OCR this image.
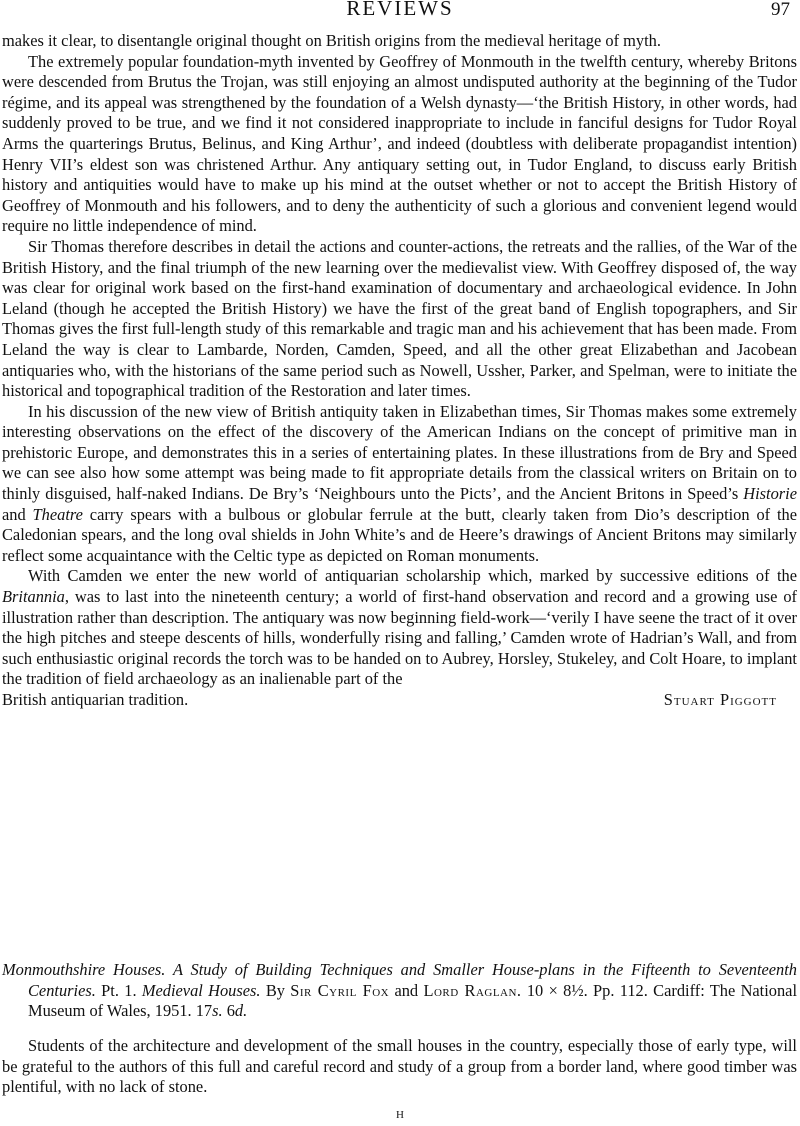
REVIEWS	97

makes it clear, to disentangle original thought on British origins from the medieval heritage of myth.

The extremely popular foundation-myth invented by Geoffrey of Monmouth in the twelfth century, whereby Britons were descended from Brutus the Trojan, was still enjoying an almost undisputed authority at the beginning of the Tudor régime, and its appeal was strengthened by the foundation of a Welsh dynasty—‘the British History, in other words, had suddenly proved to be true, and we find it not considered inappropriate to include in fanciful designs for Tudor Royal Arms the quarterings Brutus, Belinus, and King Arthur’, and indeed (doubtless with deliberate propagandist intention) Henry VII’s eldest son was christened Arthur. Any antiquary setting out, in Tudor England, to discuss early British history and antiquities would have to make up his mind at the outset whether or not to accept the British History of Geoffrey of Monmouth and his followers, and to deny the authenticity of such a glorious and convenient legend would require no little independence of mind.

Sir Thomas therefore describes in detail the actions and counter-actions, the retreats and the rallies, of the War of the British History, and the final triumph of the new learning over the medievalist view. With Geoffrey disposed of, the way was clear for original work based on the first-hand examination of documentary and archaeological evidence. In John Leland (though he accepted the British History) we have the first of the great band of English topographers, and Sir Thomas gives the first full-length study of this remarkable and tragic man and his achievement that has been made. From Leland the way is clear to Lambarde, Norden, Camden, Speed, and all the other great Elizabethan and Jacobean antiquaries who, with the historians of the same period such as Nowell, Ussher, Parker, and Spelman, were to initiate the historical and topographical tradition of the Restoration and later times.

In his discussion of the new view of British antiquity taken in Elizabethan times, Sir Thomas makes some extremely interesting observations on the effect of the discovery of the American Indians on the concept of primitive man in prehistoric Europe, and demonstrates this in a series of entertaining plates. In these illustrations from de Bry and Speed we can see also how some attempt was being made to fit appropriate details from the classical writers on Britain on to thinly disguised, half-naked Indians. De Bry’s ‘Neighbours unto the Picts’, and the Ancient Britons in Speed’s Historie and Theatre carry spears with a bulbous or globular ferrule at the butt, clearly taken from Dio’s description of the Caledonian spears, and the long oval shields in John White’s and de Heere’s drawings of Ancient Britons may similarly reflect some acquaintance with the Celtic type as depicted on Roman monuments.

With Camden we enter the new world of antiquarian scholarship which, marked by successive editions of the Britannia, was to last into the nineteenth century; a world of first-hand observation and record and a growing use of illustration rather than description. The antiquary was now beginning field-work—‘verily I have seene the tract of it over the high pitches and steepe descents of hills, wonderfully rising and falling,’ Camden wrote of Hadrian’s Wall, and from such enthusiastic original records the torch was to be handed on to Aubrey, Horsley, Stukeley, and Colt Hoare, to implant the tradition of field archaeology as an inalienable part of the

British antiquarian tradition.	Stuart Piggott

Monmouthshire Houses. A Study of Building Techniques and Smaller House-plans in the Fifteenth to Seventeenth Centuries. Pt. 1. Medieval Houses. By Sir Cyril Fox and Lord Raglan. 10 × 8½. Pp. 112. Cardiff: The National Museum of Wales, 1951. 17s. 6d.

Students of the architecture and development of the small houses in the country, especially those of early type, will be grateful to the authors of this full and careful record and study of a group from a border land, where good timber was plentiful, with no lack of stone.

H
